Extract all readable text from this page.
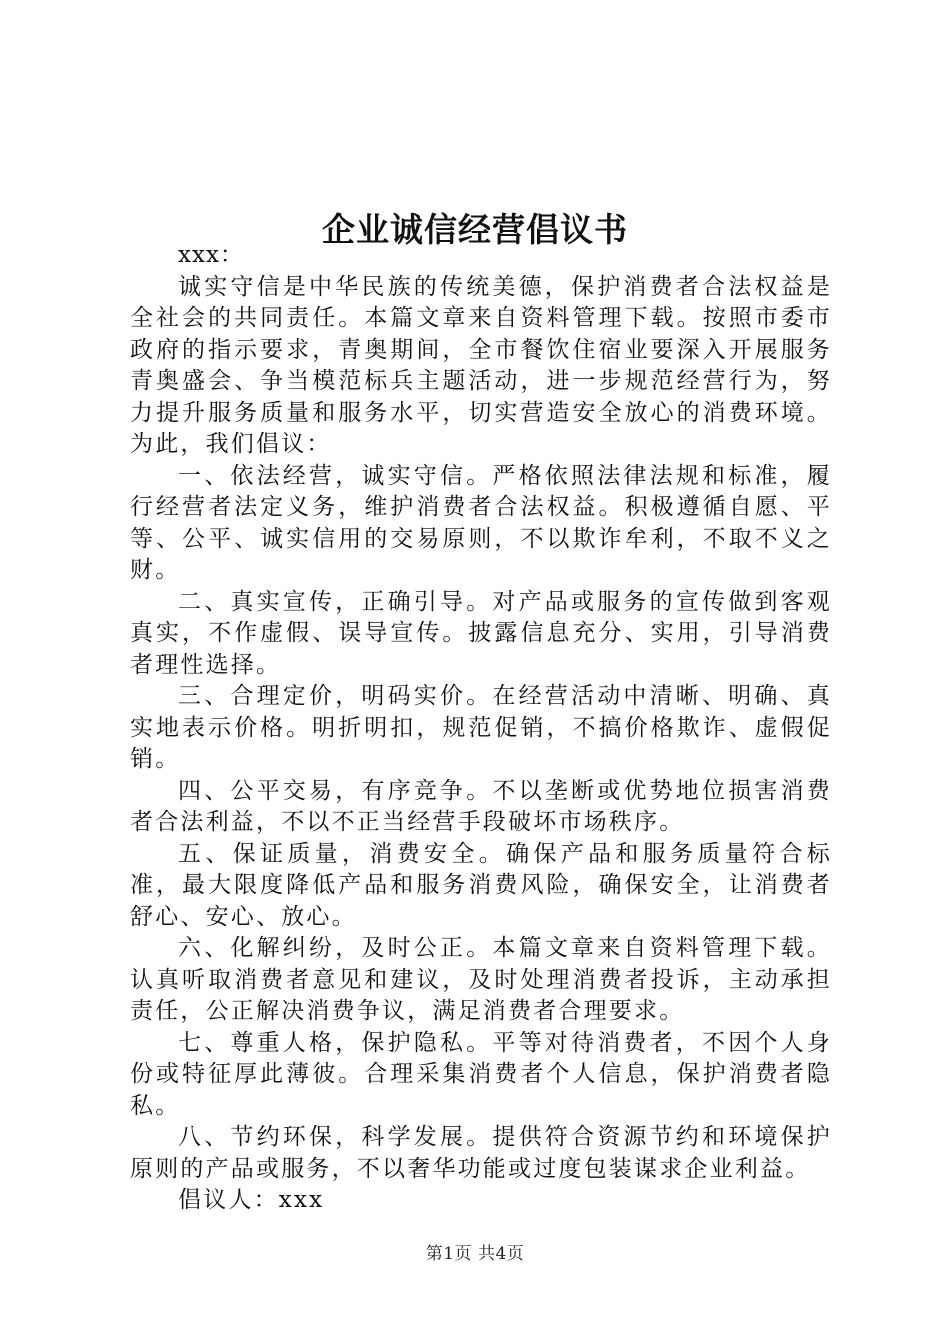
企业诚信经营倡议书

xxx：

诚实守信是中华民族的传统美德，保护消费者合法权益是全社会的共同责任。本篇文章来自资料管理下载。按照市委市政府的指示要求，青奥期间，全市餐饮住宿业要深入开展服务青奥盛会、争当模范标兵主题活动，进一步规范经营行为，努力提升服务质量和服务水平，切实营造安全放心的消费环境。为此，我们倡议：

一、依法经营，诚实守信。严格依照法律法规和标准，履行经营者法定义务，维护消费者合法权益。积极遵循自愿、平等、公平、诚实信用的交易原则，不以欺诈牟利，不取不义之财。

二、真实宣传，正确引导。对产品或服务的宣传做到客观真实，不作虚假、误导宣传。披露信息充分、实用，引导消费者理性选择。

三、合理定价，明码实价。在经营活动中清晰、明确、真实地表示价格。明折明扣，规范促销，不搞价格欺诈、虚假促销。

四、公平交易，有序竞争。不以垄断或优势地位损害消费者合法利益，不以不正当经营手段破坏市场秩序。

五、保证质量，消费安全。确保产品和服务质量符合标准，最大限度降低产品和服务消费风险，确保安全，让消费者舒心、安心、放心。

六、化解纠纷，及时公正。本篇文章来自资料管理下载。认真听取消费者意见和建议，及时处理消费者投诉，主动承担责任，公正解决消费争议，满足消费者合理要求。

七、尊重人格，保护隐私。平等对待消费者，不因个人身份或特征厚此薄彼。合理采集消费者个人信息，保护消费者隐私。

八、节约环保，科学发展。提供符合资源节约和环境保护原则的产品或服务，不以奢华功能或过度包装谋求企业利益。

倡议人：xxx

第1页 共4页
